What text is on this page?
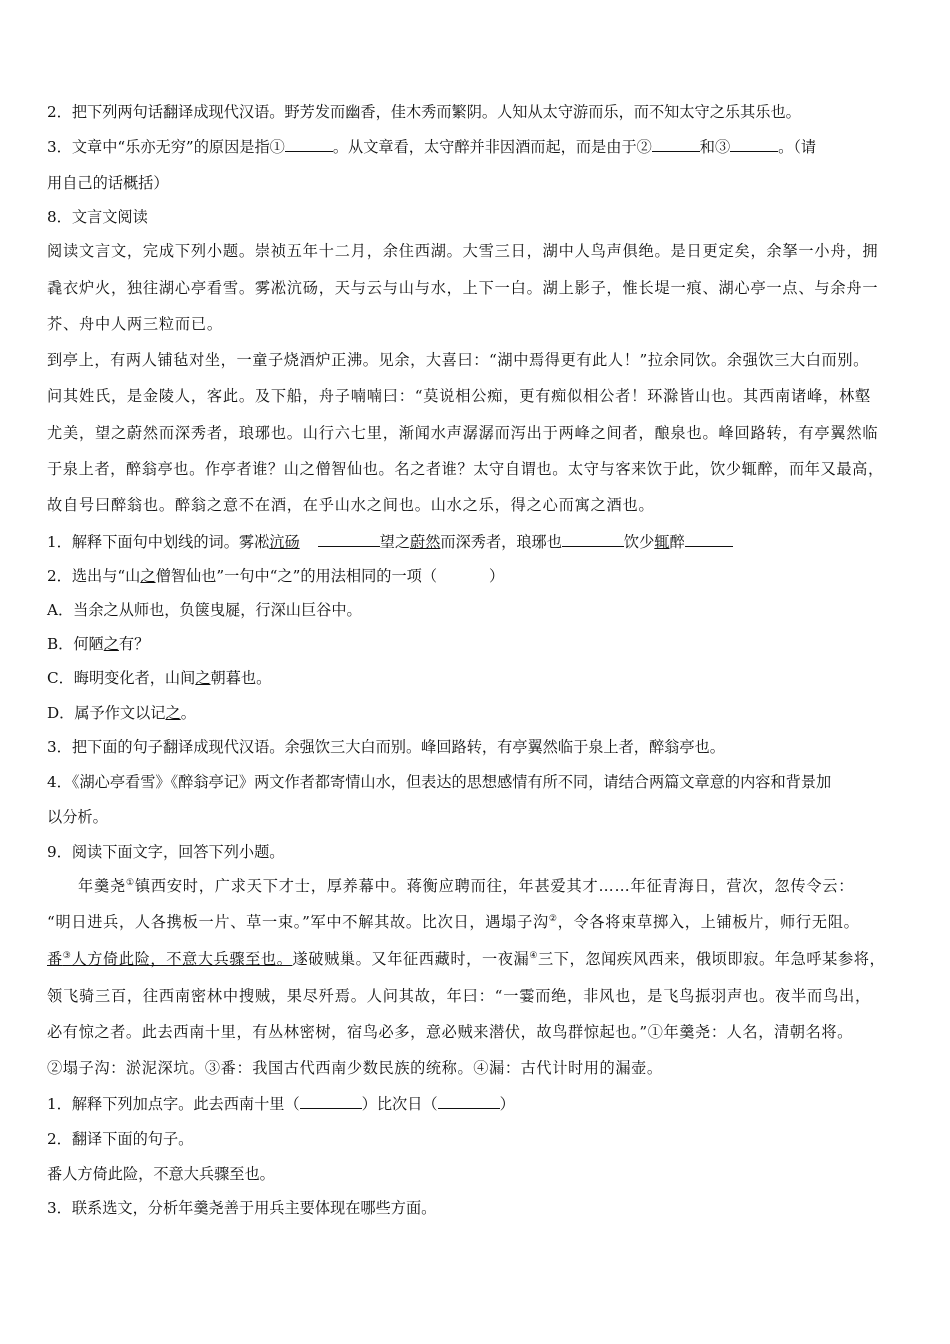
2．把下列两句话翻译成现代汉语。野芳发而幽香，佳木秀而繁阴。人知从太守游而乐，而不知太守之乐其乐也。
3．文章中“乐亦无穷”的原因是指①	。从文章看，太守醉并非因酒而起，而是由于②	和③	。（请
用自己的话概括）
8．文言文阅读
阅读文言文，完成下列小题。崇祯五年十二月，余住西湖。大雪三日，湖中人鸟声俱绝。是日更定矣，余拏一小舟，拥
毳衣炉火，独往湖心亭看雪。雾凇沆砀，天与云与山与水，上下一白。湖上影子，惟长堤一痕、湖心亭一点、与余舟一
芥、舟中人两三粒而已。
到亭上，有两人铺毡对坐，一童子烧酒炉正沸。见余，大喜曰：“湖中焉得更有此人！”拉余同饮。余强饮三大白而别。
问其姓氏，是金陵人，客此。及下船，舟子喃喃曰：“莫说相公痴，更有痴似相公者！环滁皆山也。其西南诸峰，林壑
尤美，望之蔚然而深秀者，琅琊也。山行六七里，渐闻水声潺潺而泻出于两峰之间者，酿泉也。峰回路转，有亭翼然临
于泉上者，醉翁亭也。作亭者谁？山之僧智仙也。名之者谁？太守自谓也。太守与客来饮于此，饮少辄醉，而年又最高，
故自号曰醉翁也。醉翁之意不在酒，在乎山水之间也。山水之乐，得之心而寓之酒也。
1．解释下面句中划线的词。雾凇沆砀	望之蔚然而深秀者，琅琊也	饮少辄醉
2．选出与“山之僧智仙也”一句中“之”的用法相同的一项（	）
A．当余之从师也，负箧曳屣，行深山巨谷中。
B．何陋之有？
C．晦明变化者，山间之朝暮也。
D．属予作文以记之。
3．把下面的句子翻译成现代汉语。余强饮三大白而别。峰回路转，有亭翼然临于泉上者，醉翁亭也。
4．《湖心亭看雪》《醉翁亭记》两文作者都寄情山水，但表达的思想感情有所不同，请结合两篇文章意的内容和背景加
以分析。
9．阅读下面文字，回答下列小题。
年羹尧①镇西安时，广求天下才士，厚养幕中。蒋衡应聘而往，年甚爱其才……年征青海日，营次，忽传令云：
“明日进兵，人各携板一片、草一束。”军中不解其故。比次日，遇塌子沟②，令各将束草掷入，上铺板片，师行无阻。
番③人方倚此险，不意大兵骤至也。遂破贼巢。又年征西藏时，一夜漏④三下，忽闻疾风西来，俄顷即寂。年急呼某参将，
领飞骑三百，往西南密林中搜贼，果尽歼焉。人问其故，年曰：“一霎而绝，非风也，是飞鸟振羽声也。夜半而鸟出，
必有惊之者。此去西南十里，有丛林密树，宿鸟必多，意必贼来潜伏，故鸟群惊起也。”①年羹尧：人名，清朝名将。
②塌子沟：淤泥深坑。③番：我国古代西南少数民族的统称。④漏：古代计时用的漏壶。
1．解释下列加点字。此去西南十里（	）比次日（	）
2．翻译下面的句子。
番人方倚此险，不意大兵骤至也。
3．联系选文，分析年羹尧善于用兵主要体现在哪些方面。
